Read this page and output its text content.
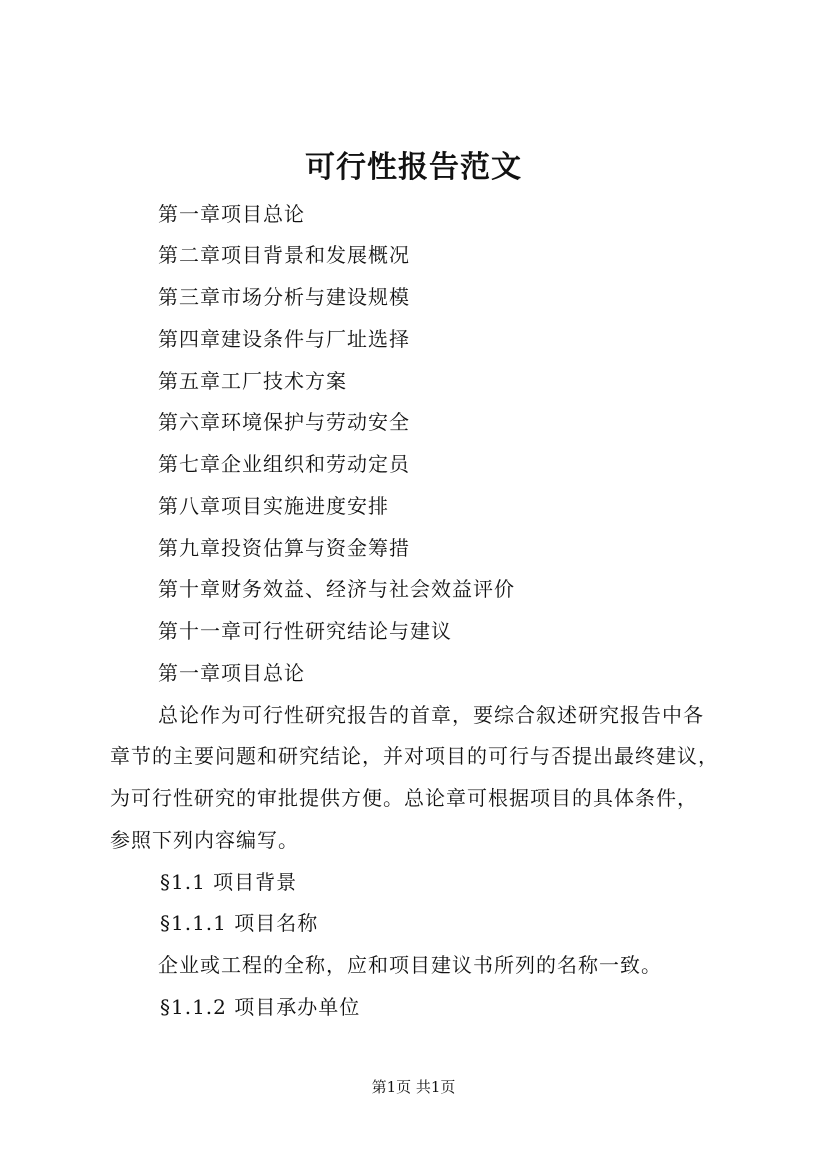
可行性报告范文
第一章项目总论
第二章项目背景和发展概况
第三章市场分析与建设规模
第四章建设条件与厂址选择
第五章工厂技术方案
第六章环境保护与劳动安全
第七章企业组织和劳动定员
第八章项目实施进度安排
第九章投资估算与资金筹措
第十章财务效益、经济与社会效益评价
第十一章可行性研究结论与建议
第一章项目总论
总论作为可行性研究报告的首章，要综合叙述研究报告中各
章节的主要问题和研究结论，并对项目的可行与否提出最终建议，
为可行性研究的审批提供方便。总论章可根据项目的具体条件，
参照下列内容编写。
§1.1 项目背景
§1.1.1 项目名称
企业或工程的全称，应和项目建议书所列的名称一致。
§1.1.2 项目承办单位
第1页 共1页
